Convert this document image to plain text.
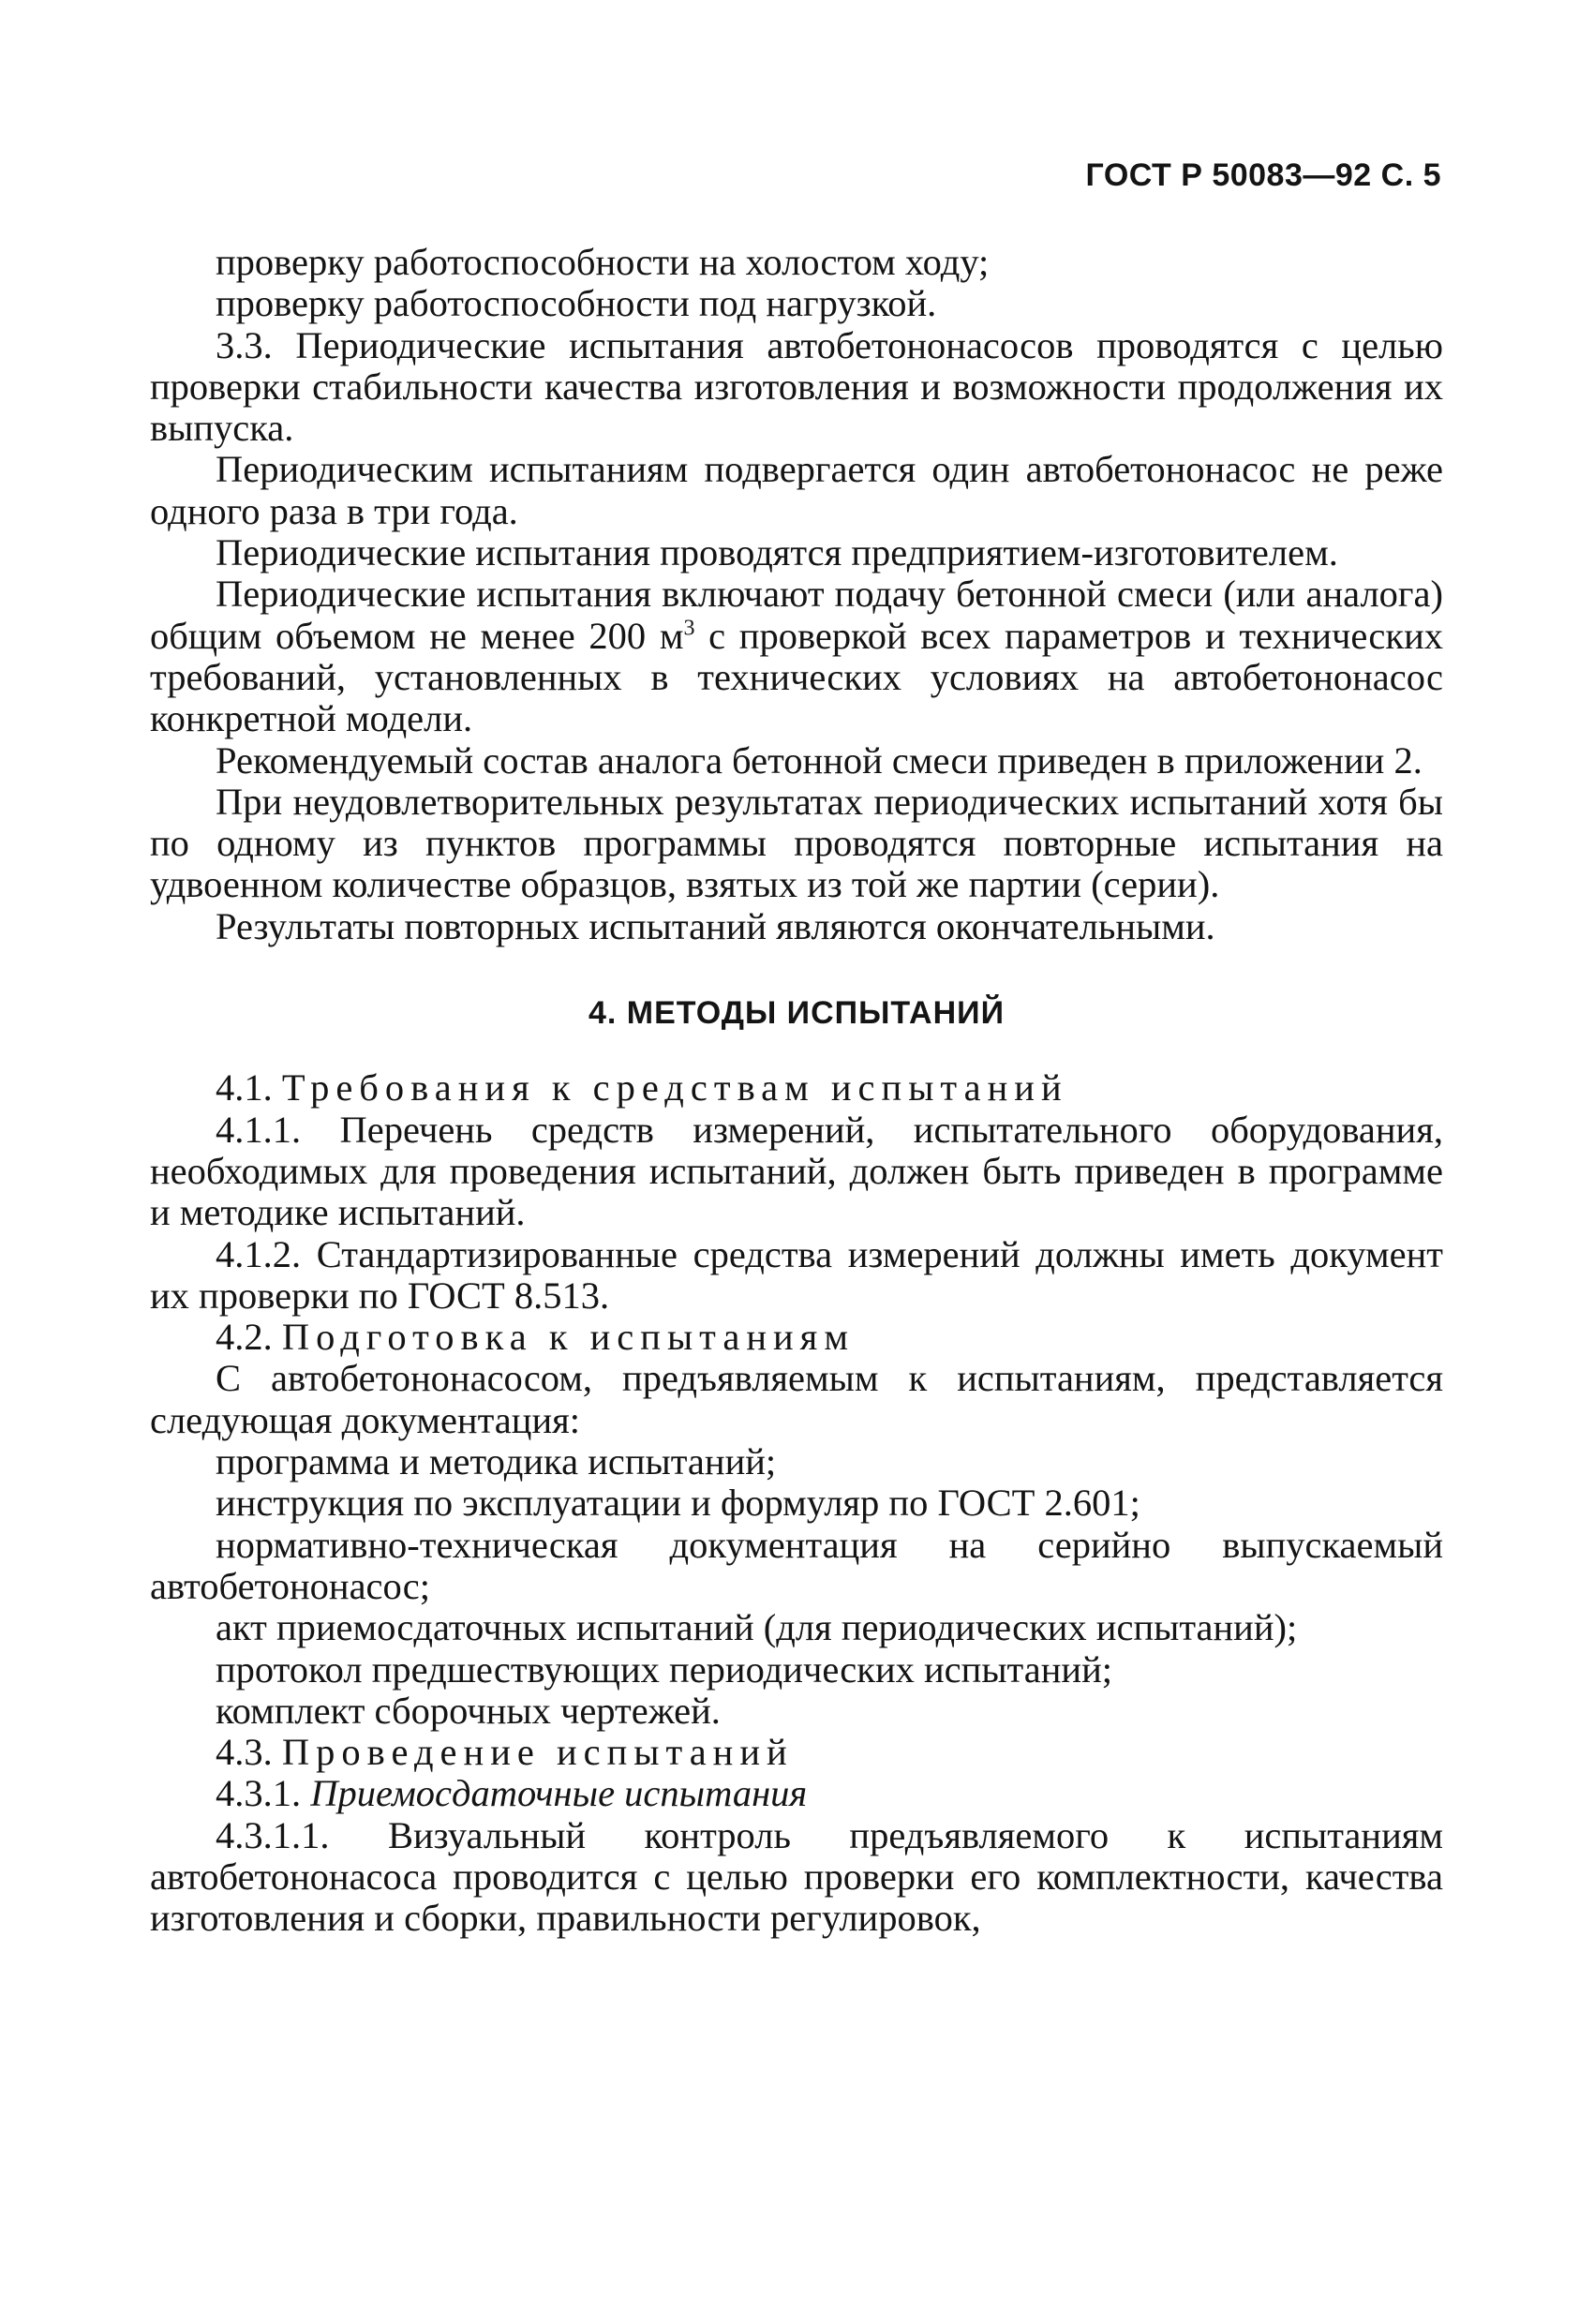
ГОСТ Р 50083—92 С. 5

проверку работоспособности на холостом ходу;

проверку работоспособности под нагрузкой.

3.3. Периодические испытания автобетононасосов проводятся с целью проверки стабильности качества изготовления и возможности продолжения их выпуска.

Периодическим испытаниям подвергается один автобетононасос не реже одного раза в три года.

Периодические испытания проводятся предприятием-изготовителем.

Периодические испытания включают подачу бетонной смеси (или аналога) общим объемом не менее 200 $м^3$ с проверкой всех параметров и технических требований, установленных в технических условиях на автобетононасос конкретной модели.

Рекомендуемый состав аналога бетонной смеси приведен в приложении 2.

При неудовлетворительных результатах периодических испытаний хотя бы по одному из пунктов программы проводятся повторные испытания на удвоенном количестве образцов, взятых из той же партии (серии).

Результаты повторных испытаний являются окончательными.

4. МЕТОДЫ ИСПЫТАНИЙ

4.1. Требования к средствам испытаний

4.1.1. Перечень средств измерений, испытательного оборудования, необходимых для проведения испытаний, должен быть приведен в программе и методике испытаний.

4.1.2. Стандартизированные средства измерений должны иметь документ их проверки по ГОСТ 8.513.

4.2. Подготовка к испытаниям

С автобетононасосом, предъявляемым к испытаниям, представляется следующая документация:

программа и методика испытаний;

инструкция по эксплуатации и формуляр по ГОСТ 2.601;

нормативно-техническая документация на серийно выпускаемый автобетононасос;

акт приемосдаточных испытаний (для периодических испытаний);

протокол предшествующих периодических испытаний;

комплект сборочных чертежей.

4.3. Проведение испытаний

4.3.1. Приемосдаточные испытания

4.3.1.1. Визуальный контроль предъявляемого к испытаниям автобетононасоса проводится с целью проверки его комплектности, качества изготовления и сборки, правильности регулировок,
